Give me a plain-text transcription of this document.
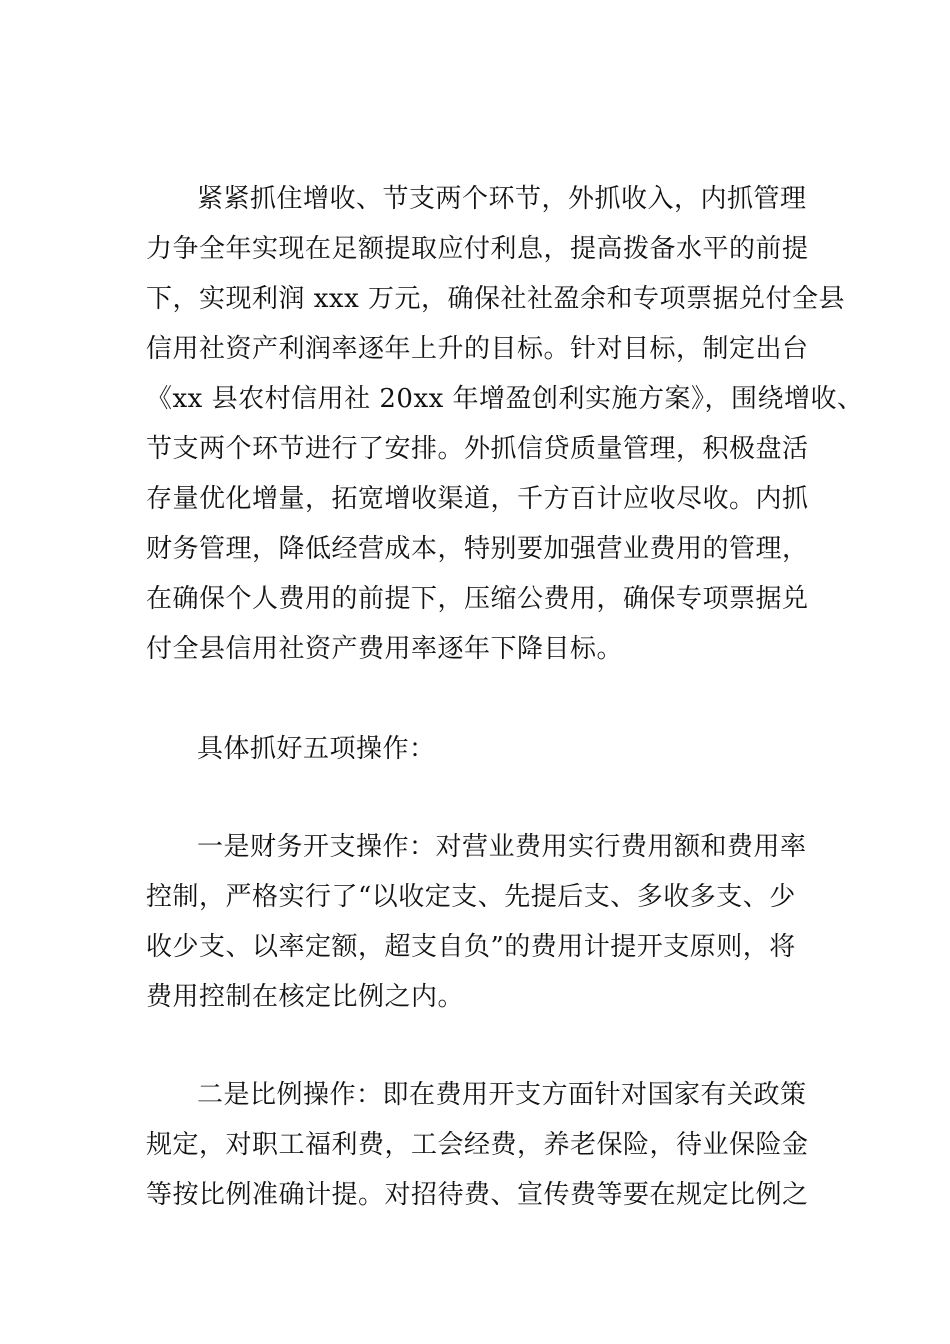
紧紧抓住增收、节支两个环节，外抓收入，内抓管理

力争全年实现在足额提取应付利息，提高拨备水平的前提

下，实现利润 xxx 万元，确保社社盈余和专项票据兑付全县

信用社资产利润率逐年上升的目标。针对目标，制定出台

《xx 县农村信用社 20xx 年增盈创利实施方案》，围绕增收、

节支两个环节进行了安排。外抓信贷质量管理，积极盘活

存量优化增量，拓宽增收渠道，千方百计应收尽收。内抓

财务管理，降低经营成本，特别要加强营业费用的管理，

在确保个人费用的前提下，压缩公费用，确保专项票据兑

付全县信用社资产费用率逐年下降目标。

具体抓好五项操作：

一是财务开支操作：对营业费用实行费用额和费用率

控制，严格实行了“以收定支、先提后支、多收多支、少

收少支、以率定额，超支自负”的费用计提开支原则，将

费用控制在核定比例之内。

二是比例操作：即在费用开支方面针对国家有关政策

规定，对职工福利费，工会经费，养老保险，待业保险金

等按比例准确计提。对招待费、宣传费等要在规定比例之
